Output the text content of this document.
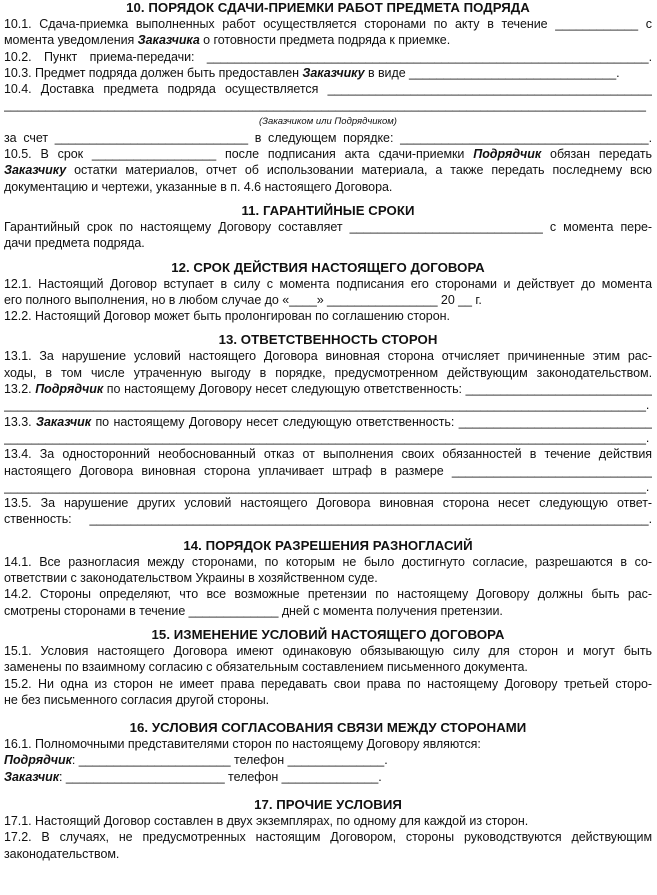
10. ПОРЯДОК СДАЧИ-ПРИЕМКИ РАБОТ ПРЕДМЕТА ПОДРЯДА
10.1. Сдача-приемка выполненных работ осуществляется сторонами по акту в течение ____________ с
момента уведомления Заказчика о готовности предмета подряда к приемке.
10.2. Пункт приема-передачи: ________________________________________________________________.
10.3. Предмет подряда должен быть предоставлен Заказчику в виде ______________________________.
10.4. Доставка предмета подряда осуществляется _______________________________________________
_____________________________________________________________________________________________
(Заказчиком или Подрядчиком)
за счет ____________________________ в следующем порядке: ____________________________________.
10.5. В срок __________________ после подписания акта сдачи-приемки Подрядчик обязан передать
Заказчику остатки материалов, отчет об использовании материала, а также передать последнему всю
документацию и чертежи, указанные в п. 4.6 настоящего Договора.
11. ГАРАНТИЙНЫЕ СРОКИ
Гарантийный срок по настоящему Договору составляет ____________________________ с момента пере-
дачи предмета подряда.
12. СРОК ДЕЙСТВИЯ НАСТОЯЩЕГО ДОГОВОРА
12.1. Настоящий Договор вступает в силу с момента подписания его сторонами и действует до момента
его полного выполнения, но в любом случае до «____» ________________ 20 __ г.
12.2. Настоящий Договор может быть пролонгирован по соглашению сторон.
13. ОТВЕТСТВЕННОСТЬ СТОРОН
13.1. За нарушение условий настоящего Договора виновная сторона отчисляет причиненные этим рас-
ходы, в том числе утраченную выгоду в порядке, предусмотренном действующим законодательством.
13.2. Подрядчик по настоящему Договору несет следующую ответственность: ___________________________
_____________________________________________________________________________________________.
13.3. Заказчик по настоящему Договору несет следующую ответственность: ____________________________
_____________________________________________________________________________________________.
13.4. За односторонний необоснованный отказ от выполнения своих обязанностей в течение действия
настоящего Договора виновная сторона уплачивает штраф в размере _____________________________
_____________________________________________________________________________________________.
13.5. За нарушение других условий настоящего Договора виновная сторона несет следующую ответ-
ственность: _________________________________________________________________________________.
14. ПОРЯДОК РАЗРЕШЕНИЯ РАЗНОГЛАСИЙ
14.1. Все разногласия между сторонами, по которым не было достигнуто согласие, разрешаются в со-
ответствии с законодательством Украины в хозяйственном суде.
14.2. Стороны определяют, что все возможные претензии по настоящему Договору должны быть рас-
смотрены сторонами в течение _____________ дней с момента получения претензии.
15. ИЗМЕНЕНИЕ УСЛОВИЙ НАСТОЯЩЕГО ДОГОВОРА
15.1. Условия настоящего Договора имеют одинаковую обязывающую силу для сторон и могут быть
заменены по взаимному согласию с обязательным составлением письменного документа.
15.2. Ни одна из сторон не имеет права передавать свои права по настоящему Договору третьей сторо-
не без письменного согласия другой стороны.
16. УСЛОВИЯ СОГЛАСОВАНИЯ СВЯЗИ МЕЖДУ СТОРОНАМИ
16.1. Полномочными представителями сторон по настоящему Договору являются:
Подрядчик: ______________________ телефон ______________.
Заказчик: _______________________ телефон ______________.
17. ПРОЧИЕ УСЛОВИЯ
17.1. Настоящий Договор составлен в двух экземплярах, по одному для каждой из сторон.
17.2. В случаях, не предусмотренных настоящим Договором, стороны руководствуются действующим
законодательством.
